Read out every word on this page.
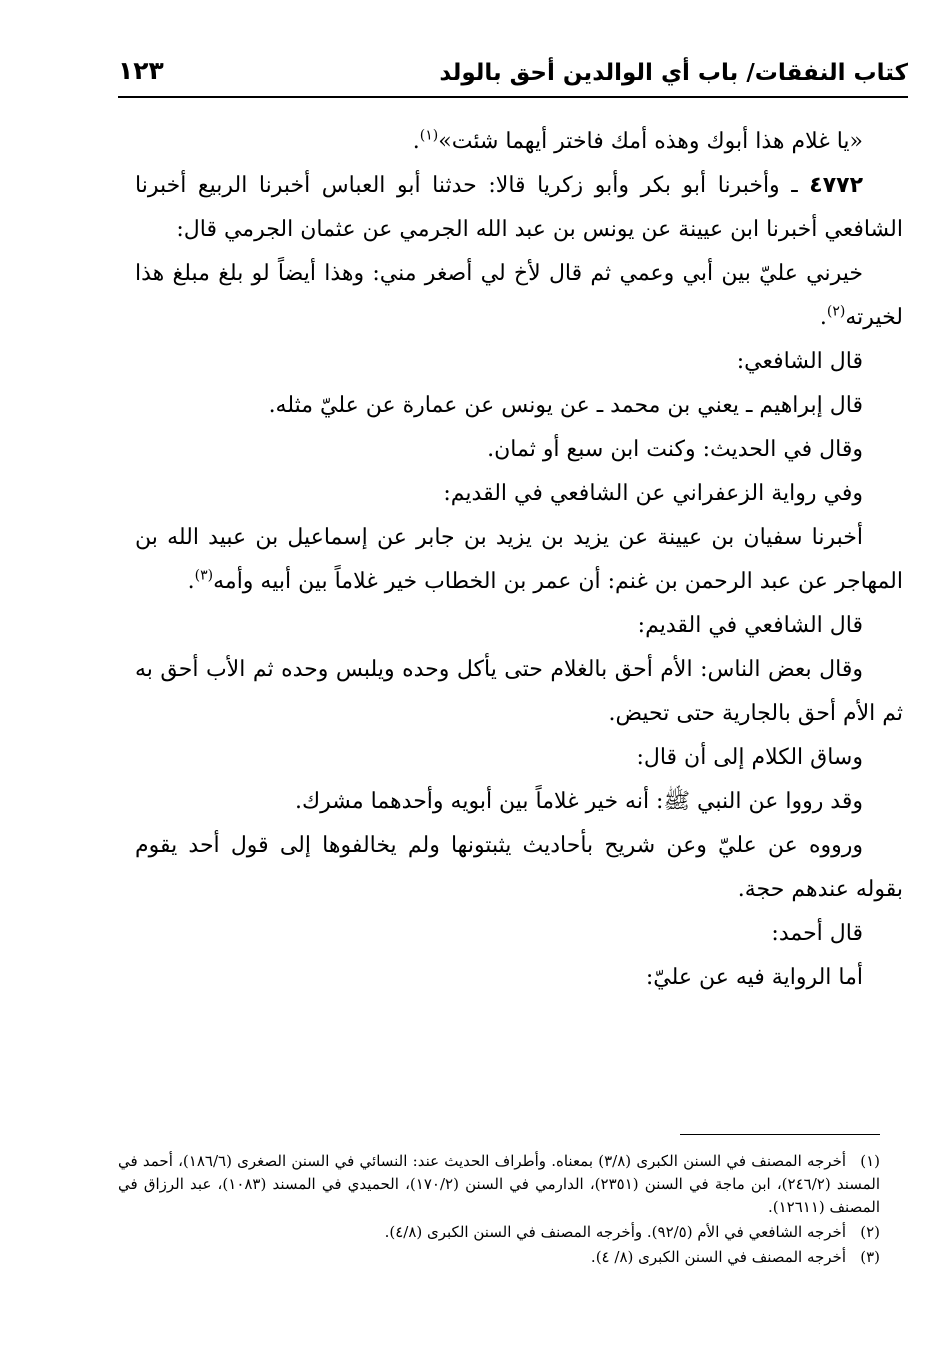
كتاب النفقات/ باب أي الوالدين أحق بالولد
١٢٣

«يا غلام هذا أبوك وهذه أمك فاختر أيهما شئت»$^{(١)}$.

٤٧٧٢ ـ وأخبرنا أبو بكر وأبو زكريا قالا: حدثنا أبو العباس أخبرنا الربيع أخبرنا الشافعي أخبرنا ابن عيينة عن يونس بن عبد الله الجرمي عن عثمان الجرمي قال:

خيرني عليّ بين أبي وعمي ثم قال لأخ لي أصغر مني: وهذا أيضاً لو بلغ مبلغ هذا لخيرته$^{(٢)}$.

قال الشافعي:

قال إبراهيم ـ يعني بن محمد ـ عن يونس عن عمارة عن عليّ مثله.

وقال في الحديث: وكنت ابن سبع أو ثمان.

وفي رواية الزعفراني عن الشافعي في القديم:

أخبرنا سفيان بن عيينة عن يزيد بن يزيد بن جابر عن إسماعيل بن عبيد الله بن المهاجر عن عبد الرحمن بن غنم: أن عمر بن الخطاب خير غلاماً بين أبيه وأمه$^{(٣)}$.

قال الشافعي في القديم:

وقال بعض الناس: الأم أحق بالغلام حتى يأكل وحده ويلبس وحده ثم الأب أحق به ثم الأم أحق بالجارية حتى تحيض.

وساق الكلام إلى أن قال:

وقد رووا عن النبي ﷺ: أنه خير غلاماً بين أبويه وأحدهما مشرك.

ورووه عن عليّ وعن شريح بأحاديث يثبتونها ولم يخالفوها إلى قول أحد يقوم بقوله عندهم حجة.

قال أحمد:

أما الرواية فيه عن عليّ:

(١)أخرجه المصنف في السنن الكبرى (٣/٨) بمعناه. وأطراف الحديث عند: النسائي في السنن الصغرى (١٨٦/٦)، أحمد في المسند (٢٤٦/٢)، ابن ماجة في السنن (٢٣٥١)، الدارمي في السنن (١٧٠/٢)، الحميدي في المسند (١٠٨٣)، عبد الرزاق في المصنف (١٢٦١١).

(٢)أخرجه الشافعي في الأم (٩٢/٥). وأخرجه المصنف في السنن الكبرى (٤/٨).

(٣)أخرجه المصنف في السنن الكبرى (٨/ ٤).
